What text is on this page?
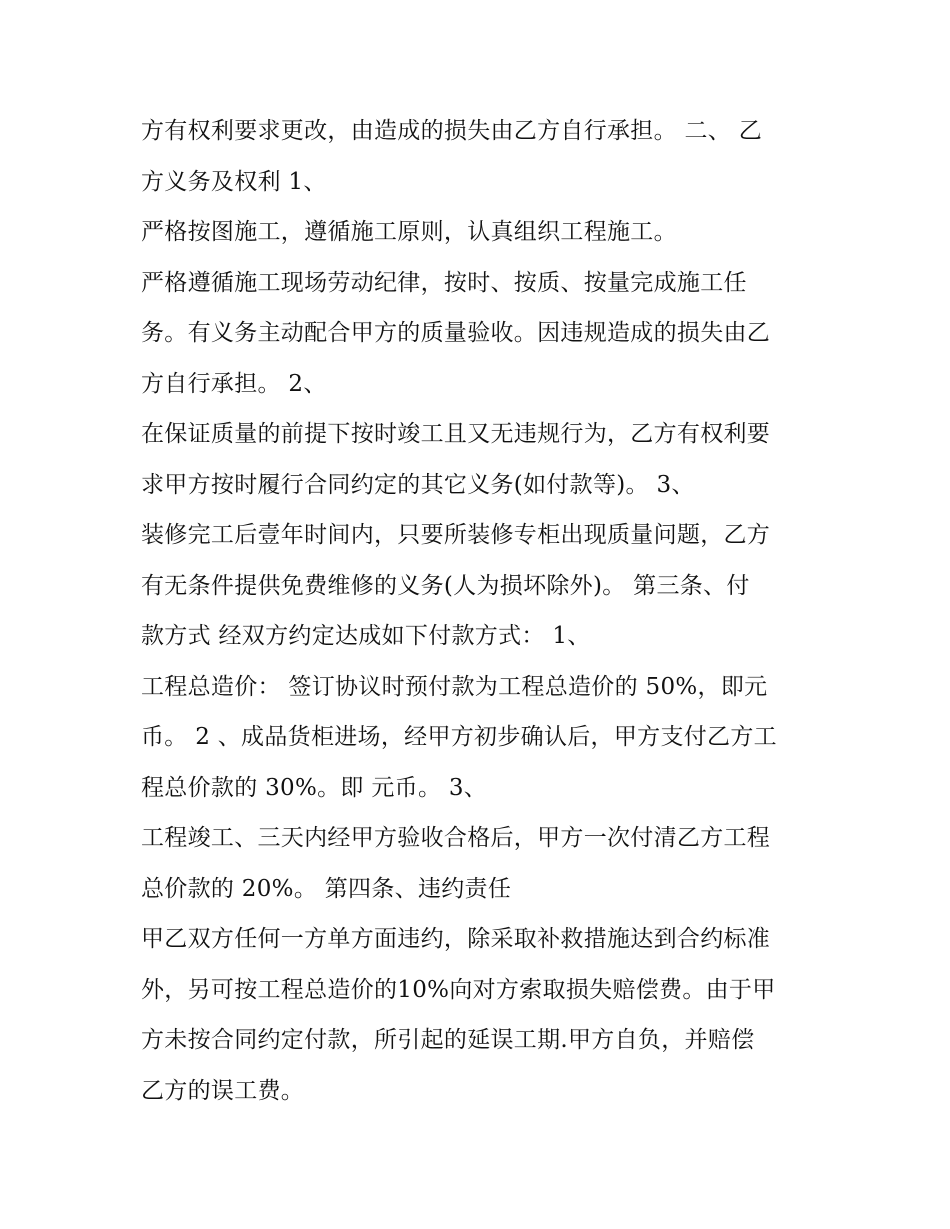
方有权利要求更改，由造成的损失由乙方自行承担。 二、 乙
方义务及权利 1、
严格按图施工，遵循施工原则，认真组织工程施工。
严格遵循施工现场劳动纪律，按时、按质、按量完成施工任
务。有义务主动配合甲方的质量验收。因违规造成的损失由乙
方自行承担。 2、
在保证质量的前提下按时竣工且又无违规行为，乙方有权利要
求甲方按时履行合同约定的其它义务(如付款等)。 3、
装修完工后壹年时间内，只要所装修专柜出现质量问题，乙方
有无条件提供免费维修的义务(人为损坏除外)。 第三条、付
款方式 经双方约定达成如下付款方式： 1、
工程总造价： 签订协议时预付款为工程总造价的 50%，即元
币。 2 、成品货柜进场，经甲方初步确认后，甲方支付乙方工
程总价款的 30%。即 元币。 3、
工程竣工、三天内经甲方验收合格后，甲方一次付清乙方工程
总价款的 20%。 第四条、违约责任
甲乙双方任何一方单方面违约，除采取补救措施达到合约标准
外，另可按工程总造价的10%向对方索取损失赔偿费。由于甲
方未按合同约定付款，所引起的延误工期.甲方自负，并赔偿
乙方的误工费。
